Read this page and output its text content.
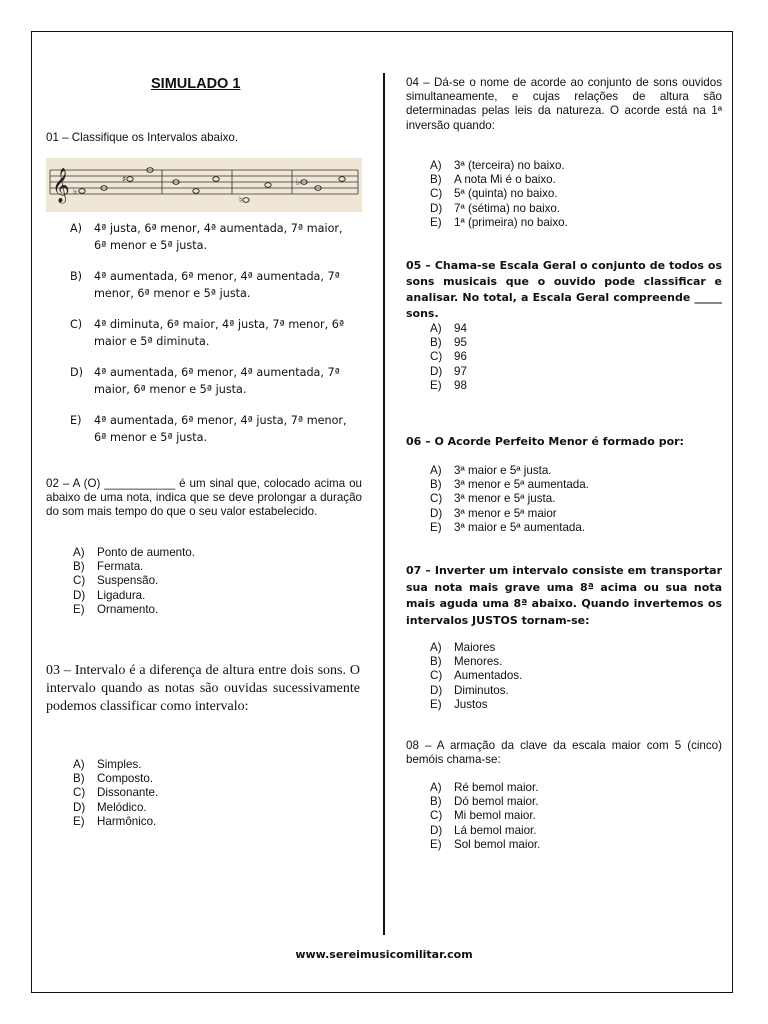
SIMULADO 1
01 – Classifique os Intervalos abaixo.
𝄞 ♭
♯
♮
♭
A)	4ª justa, 6ª menor, 4ª aumentada, 7ª maior, 6ª menor e 5ª justa.
B)	4ª aumentada, 6ª menor, 4ª aumentada, 7ª menor, 6ª menor e 5ª justa.
C)	4ª diminuta, 6ª maior, 4ª justa, 7ª menor, 6ª maior e 5ª diminuta.
D) 4ª aumentada, 6ª menor, 4ª aumentada, 7ª maior, 6ª menor e 5ª justa.
E)	4ª aumentada, 6ª menor, 4ª justa, 7ª menor, 6ª menor e 5ª justa.
02 – A (O) ___________ é um sinal que, colocado acima ou abaixo de uma nota, indica que se deve prolongar a duração do som mais tempo do que o seu valor estabelecido.
A)	Ponto de aumento.
B)	Fermata.
C)	Suspensão.
D)	Ligadura.
E)	Ornamento.
03 – Intervalo é a diferença de altura entre dois sons. O intervalo quando as notas são ouvidas sucessivamente podemos classificar como intervalo:
A)	Simples.
B)	Composto.
C)	Dissonante.
D)	Melódico.
E)	Harmônico.
04 – Dá-se o nome de acorde ao conjunto de sons ouvidos simultaneamente, e cujas relações de altura são determinadas pelas leis da natureza. O acorde está na 1ª inversão quando:
A)	3ª (terceira) no baixo.
B)	A nota Mi é o baixo.
C)	5ª (quinta) no baixo.
D)	7ª (sétima) no baixo.
E)	1ª (primeira) no baixo.
05 – Chama-se Escala Geral o conjunto de todos os sons musicais que o ouvido pode classificar e analisar. No total, a Escala Geral compreende _____ sons.
A)	94
B)	95
C)	96
D)	97
E)	98
06 – O Acorde Perfeito Menor é formado por:
A)	3ª maior e 5ª justa.
B)	3ª menor e 5ª aumentada.
C)	3ª menor e 5ª justa.
D)	3ª menor e 5ª maior
E)	3ª maior e 5ª aumentada.
07 – Inverter um intervalo consiste em transportar sua nota mais grave uma 8ª acima ou sua nota mais aguda uma 8ª abaixo. Quando invertemos os intervalos JUSTOS tornam-se:
A)	Maiores
B)	Menores.
C)	Aumentados.
D)	Diminutos.
E)	Justos
08 – A armação da clave da escala maior com 5 (cinco) bemóis chama-se:
A)	Ré bemol maior.
B)	Dó bemol maior.
C)	Mi bemol maior.
D)	Lá bemol maior.
E)	Sol bemol maior.
www.sereimusicomilitar.com
